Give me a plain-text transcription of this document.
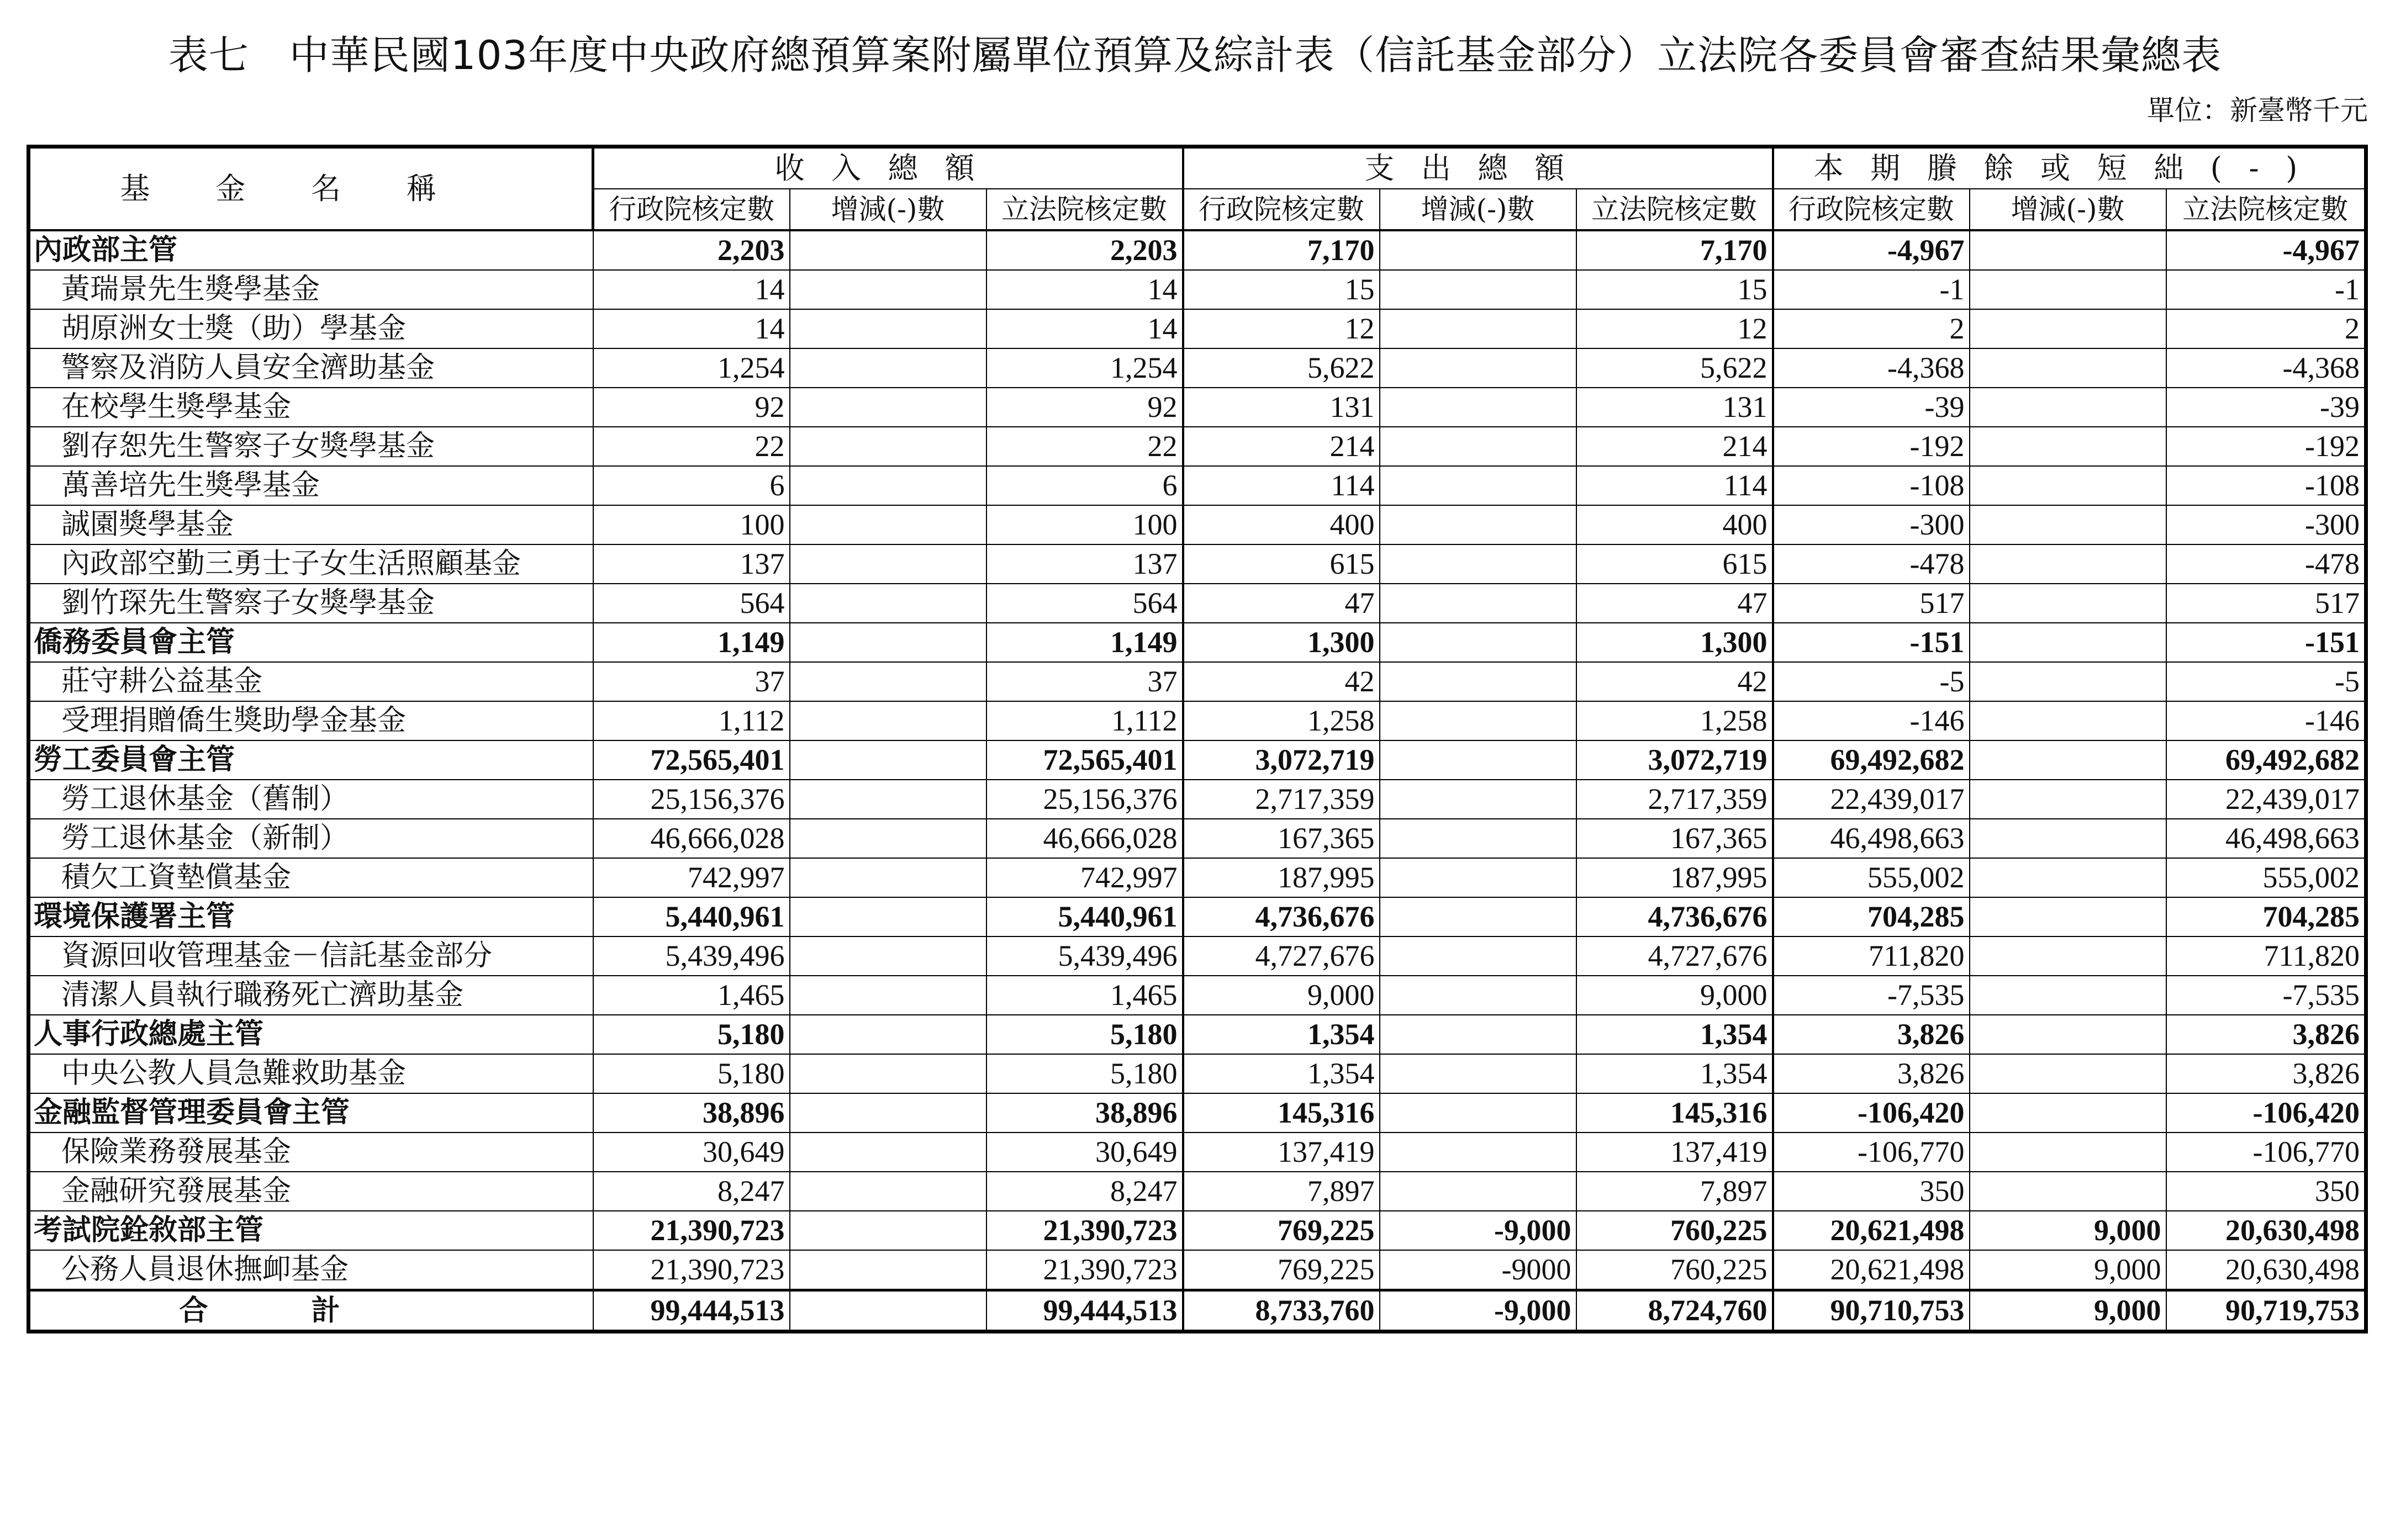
表七　中華民國103年度中央政府總預算案附屬單位預算及綜計表（信託基金部分）立法院各委員會審查結果彙總表
單位：新臺幣千元
基金名稱	收入總額			支出總額			本期賸餘或短絀(-)		
	行政院核定數	增減(-)數	立法院核定數	行政院核定數	增減(-)數	立法院核定數	行政院核定數	增減(-)數	立法院核定數
內政部主管	2,203		2,203	7,170		7,170	-4,967		-4,967
黃瑞景先生獎學基金	14		14	15		15	-1		-1
胡原洲女士獎（助）學基金	14		14	12		12	2		2
警察及消防人員安全濟助基金	1,254		1,254	5,622		5,622	-4,368		-4,368
在校學生獎學基金	92		92	131		131	-39		-39
劉存恕先生警察子女獎學基金	22		22	214		214	-192		-192
萬善培先生獎學基金	6		6	114		114	-108		-108
誠園獎學基金	100		100	400		400	-300		-300
內政部空勤三勇士子女生活照顧基金	137		137	615		615	-478		-478
劉竹琛先生警察子女獎學基金	564		564	47		47	517		517
僑務委員會主管	1,149		1,149	1,300		1,300	-151		-151
莊守耕公益基金	37		37	42		42	-5		-5
受理捐贈僑生獎助學金基金	1,112		1,112	1,258		1,258	-146		-146
勞工委員會主管	72,565,401		72,565,401	3,072,719		3,072,719	69,492,682		69,492,682
勞工退休基金（舊制）	25,156,376		25,156,376	2,717,359		2,717,359	22,439,017		22,439,017
勞工退休基金（新制）	46,666,028		46,666,028	167,365		167,365	46,498,663		46,498,663
積欠工資墊償基金	742,997		742,997	187,995		187,995	555,002		555,002
環境保護署主管	5,440,961		5,440,961	4,736,676		4,736,676	704,285		704,285
資源回收管理基金－信託基金部分	5,439,496		5,439,496	4,727,676		4,727,676	711,820		711,820
清潔人員執行職務死亡濟助基金	1,465		1,465	9,000		9,000	-7,535		-7,535
人事行政總處主管	5,180		5,180	1,354		1,354	3,826		3,826
中央公教人員急難救助基金	5,180		5,180	1,354		1,354	3,826		3,826
金融監督管理委員會主管	38,896		38,896	145,316		145,316	-106,420		-106,420
保險業務發展基金	30,649		30,649	137,419		137,419	-106,770		-106,770
金融研究發展基金	8,247		8,247	7,897		7,897	350		350
考試院銓敘部主管	21,390,723		21,390,723	769,225	-9,000	760,225	20,621,498	9,000	20,630,498
公務人員退休撫卹基金	21,390,723		21,390,723	769,225	-9000	760,225	20,621,498	9,000	20,630,498
合計	99,444,513		99,444,513	8,733,760	-9,000	8,724,760	90,710,753	9,000	90,719,753
